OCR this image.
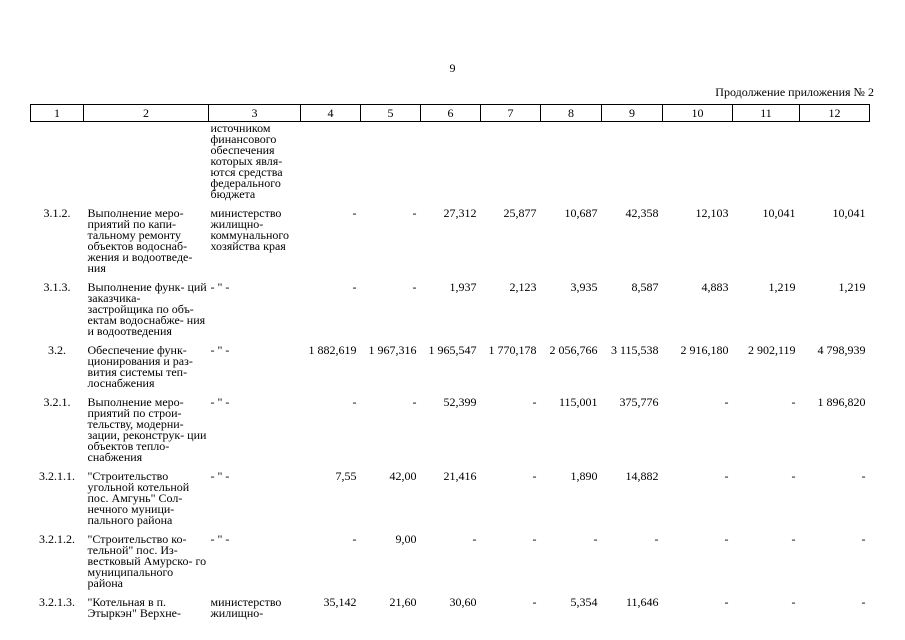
9
Продолжение приложения № 2
1	2	3	4	5	6	7	8	9	10	11	12
		источником финансового обеспечения которых явля- ются средства федерального бюджета									

3.1.2.	Выполнение меро- приятий по капи- тальному ремонту объектов водоснаб- жения и водоотведе- ния	министерство жилищно- коммунального хозяйства края	-	-	27,312	25,877	10,687	42,358	12,103	10,041	10,041

3.1.3.	Выполнение функ- ций заказчика- застройщика по объ- ектам водоснабже- ния и водоотведения	- " -	-	-	1,937	2,123	3,935	8,587	4,883	1,219	1,219

3.2.	Обеспечение функ- ционирования и раз- вития системы теп- лоснабжения	- " -	1 882,619	1 967,316	1 965,547	1 770,178	2 056,766	3 115,538	2 916,180	2 902,119	4 798,939

3.2.1.	Выполнение меро- приятий по строи- тельству, модерни- зации, реконструк- ции объектов тепло- снабжения	- " -	-	-	52,399	-	115,001	375,776	-	-	1 896,820

3.2.1.1.	"Строительство угольной котельной пос. Амгунь" Сол- нечного муници- пального района	- " -	7,55	42,00	21,416	-	1,890	14,882	-	-	-

3.2.1.2.	"Строительство ко- тельной" пос. Из- вестковый Амурско- го муниципального района	- " -	-	9,00	-	-	-	-	-	-	-

3.2.1.3.	"Котельная в п. Этыркэн" Верхне-	министерство жилищно-	35,142	21,60	30,60	-	5,354	11,646	-	-	-
